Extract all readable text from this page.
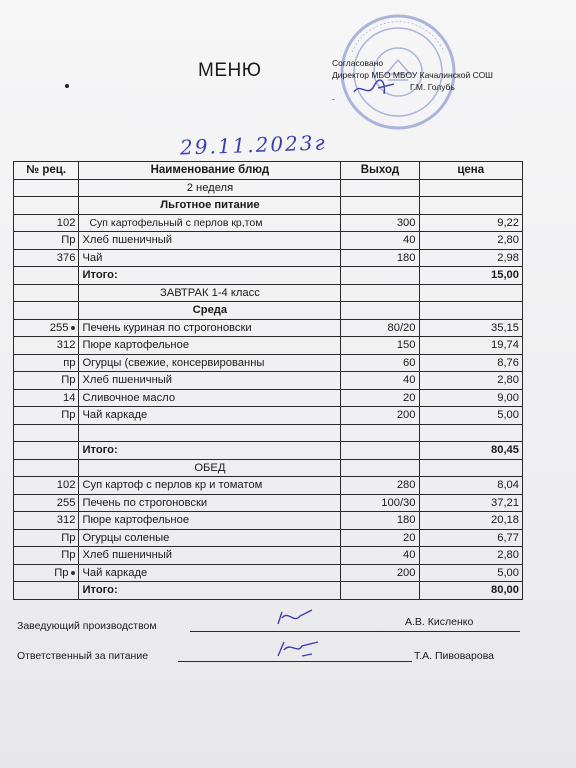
МЕНЮ	Согласовано
Директор МБО МБОУ Качалинской СОШ
Г.М. Голубь
-
29.11.2023г
№ рец.	Наименование блюд	Выход	цена
	2 неделя		
	Льготное питание		
102	Суп картофельный с перлов кр,том	300	9,22
Пр	Хлеб пшеничный	40	2,80
376	Чай	180	2,98
	Итого:		15,00
	ЗАВТРАК 1-4 класс		
	Среда		
255	Печень куриная по строгоновски	80/20	35,15
312	Пюре картофельное	150	19,74
пр	Огурцы (свежие, консервированны	60	8,76
Пр	Хлеб пшеничный	40	2,80
14	Сливочное масло	20	9,00
Пр	Чай каркаде	200	5,00

	Итого:		80,45
	ОБЕД		
102	Суп картоф с перлов кр и томатом	280	8,04
255	Печень по строгоновски	100/30	37,21
312	Пюре картофельное	180	20,18
Пр	Огурцы соленые	20	6,77
Пр	Хлеб пшеничный	40	2,80
Пр	Чай каркаде	200	5,00
	Итого:		80,00
Заведующий производством	А.В. Кисленко
Ответственный за питание	Т.А. Пивоварова
